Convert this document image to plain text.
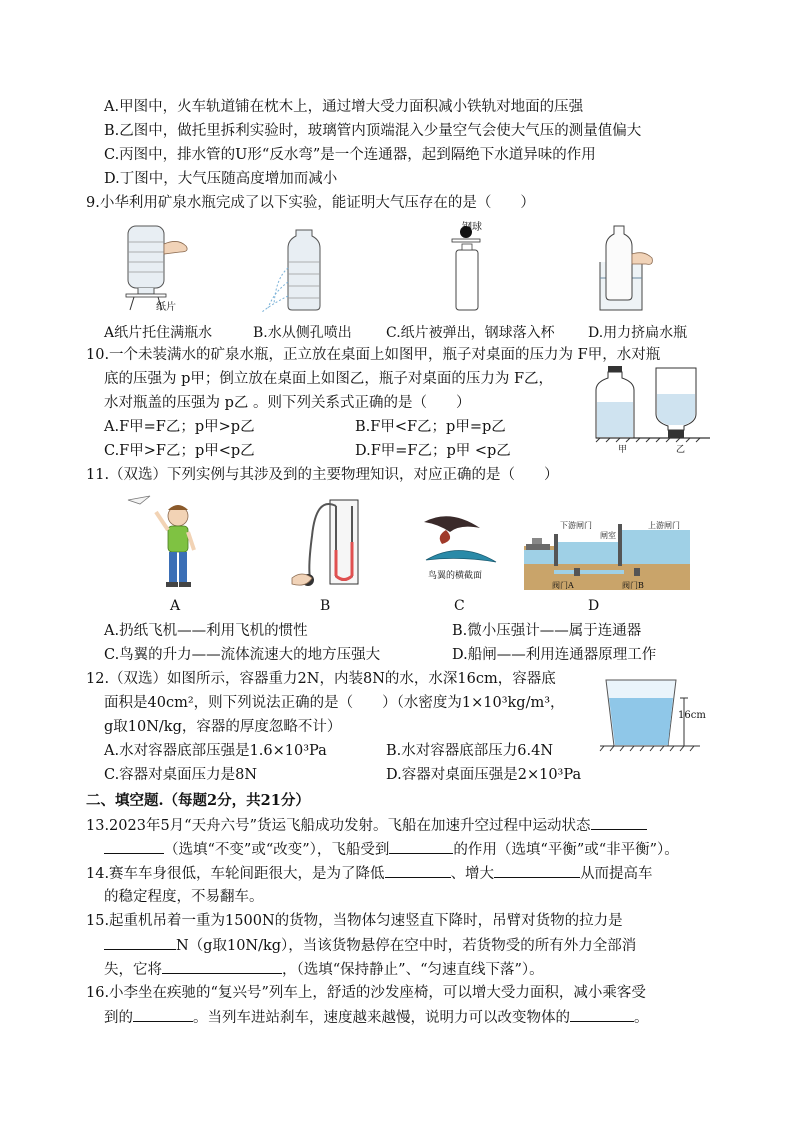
A.甲图中，火车轨道铺在枕木上，通过增大受力面积减小铁轨对地面的压强
B.乙图中，做托里拆利实验时，玻璃管内顶端混入少量空气会使大气压的测量值偏大
C.丙图中，排水管的U形“反水弯”是一个连通器，起到隔绝下水道异味的作用
D.丁图中，大气压随高度增加而减小
9.小华利用矿泉水瓶完成了以下实验，能证明大气压存在的是（　　）
纸片
钢球
A纸片托住满瓶水	B.水从侧孔喷出 C.纸片被弹出，钢球落入杯 D.用力挤扁水瓶
10.一个未装满水的矿泉水瓶，正立放在桌面上如图甲，瓶子对桌面的压力为 F甲，水对瓶
底的压强为 p甲；倒立放在桌面上如图乙，瓶子对桌面的压力为 F乙，
水对瓶盖的压强为 p乙 。则下列关系式正确的是（　　）
A.F甲=F乙；p甲>p乙	B.F甲<F乙；p甲=p乙
C.F甲>F乙；p甲<p乙	D.F甲=F乙；p甲 <p乙	甲	乙
11.（双选）下列实例与其涉及到的主要物理知识，对应正确的是（　　）
鸟翼的横截面
下游闸门	上游闸门
闸室
阀门A	阀门B
A	B	C	D
A.扔纸飞机——利用飞机的惯性	B.微小压强计——属于连通器
C.鸟翼的升力——流体流速大的地方压强大	D.船闸——利用连通器原理工作
12.（双选）如图所示，容器重力2N，内装8N的水，水深16cm，容器底
面积是40cm²，则下列说法正确的是（　　）（水密度为1×10³kg/m³，
g取10N/kg，容器的厚度忽略不计）
A.水对容器底部压强是1.6×10³Pa	B.水对容器底部压力6.4N
C.容器对桌面压力是8N	D.容器对桌面压强是2×10³Pa
16cm
二、填空题.（每题2分，共21分）
13.2023年5月“天舟六号”货运飞船成功发射。飞船在加速升空过程中运动状态
（选填“不变”或“改变”），飞船受到	的作用（选填“平衡”或“非平衡”）。
14.赛车车身很低，车轮间距很大，是为了降低	、增大	从而提高车
的稳定程度，不易翻车。
15.起重机吊着一重为1500N的货物，当物体匀速竖直下降时，吊臂对货物的拉力是
N（g取10N/kg），当该货物悬停在空中时，若货物受的所有外力全部消
失，它将	，（选填“保持静止”、“匀速直线下落”）。
16.小李坐在疾驰的“复兴号”列车上，舒适的沙发座椅，可以增大受力面积，减小乘客受
到的	。当列车进站刹车，速度越来越慢，说明力可以改变物体的	。
